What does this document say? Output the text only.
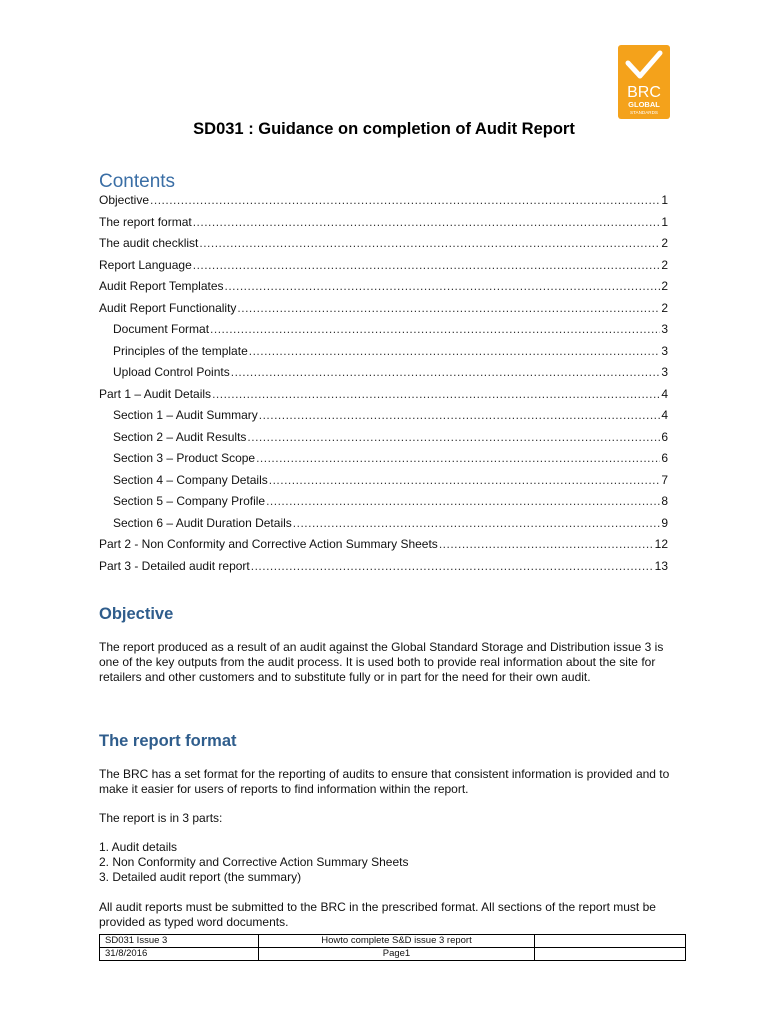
BRC
GLOBAL
STANDARDS
SD031 : Guidance on completion of Audit Report
Contents
Objective .....	1
The report format .....	1
The audit checklist .....	2
Report Language .....	2
Audit Report Templates .....	2
Audit Report Functionality .....	2
Document Format .....	3
Principles of the template .....	3
Upload Control Points .....	3
Part 1 – Audit Details .....	4
Section 1 – Audit Summary .....	4
Section 2 – Audit Results .....	6
Section 3 – Product Scope .....	6
Section 4 – Company Details .....	7
Section 5 – Company Profile .....	8
Section 6 – Audit Duration Details .....	9
Part 2 - Non Conformity and Corrective Action Summary Sheets .....	12
Part 3 - Detailed audit report .....	13
Objective

The report produced as a result of an audit against the Global Standard Storage and Distribution issue 3 is one of the key outputs from the audit process. It is used both to provide real information about the site for retailers and other customers and to substitute fully or in part for the need for their own audit.

The report format

The BRC has a set format for the reporting of audits to ensure that consistent information is provided and to make it easier for users of reports to find information within the report.

The report is in 3 parts:

1. Audit details

2. Non Conformity and Corrective Action Summary Sheets

3. Detailed audit report (the summary)

All audit reports must be submitted to the BRC in the prescribed format. All sections of the report must be provided as typed word documents.

SD031 Issue 3	Howto complete S&D issue 3 report	
31/8/2016	Page1	
